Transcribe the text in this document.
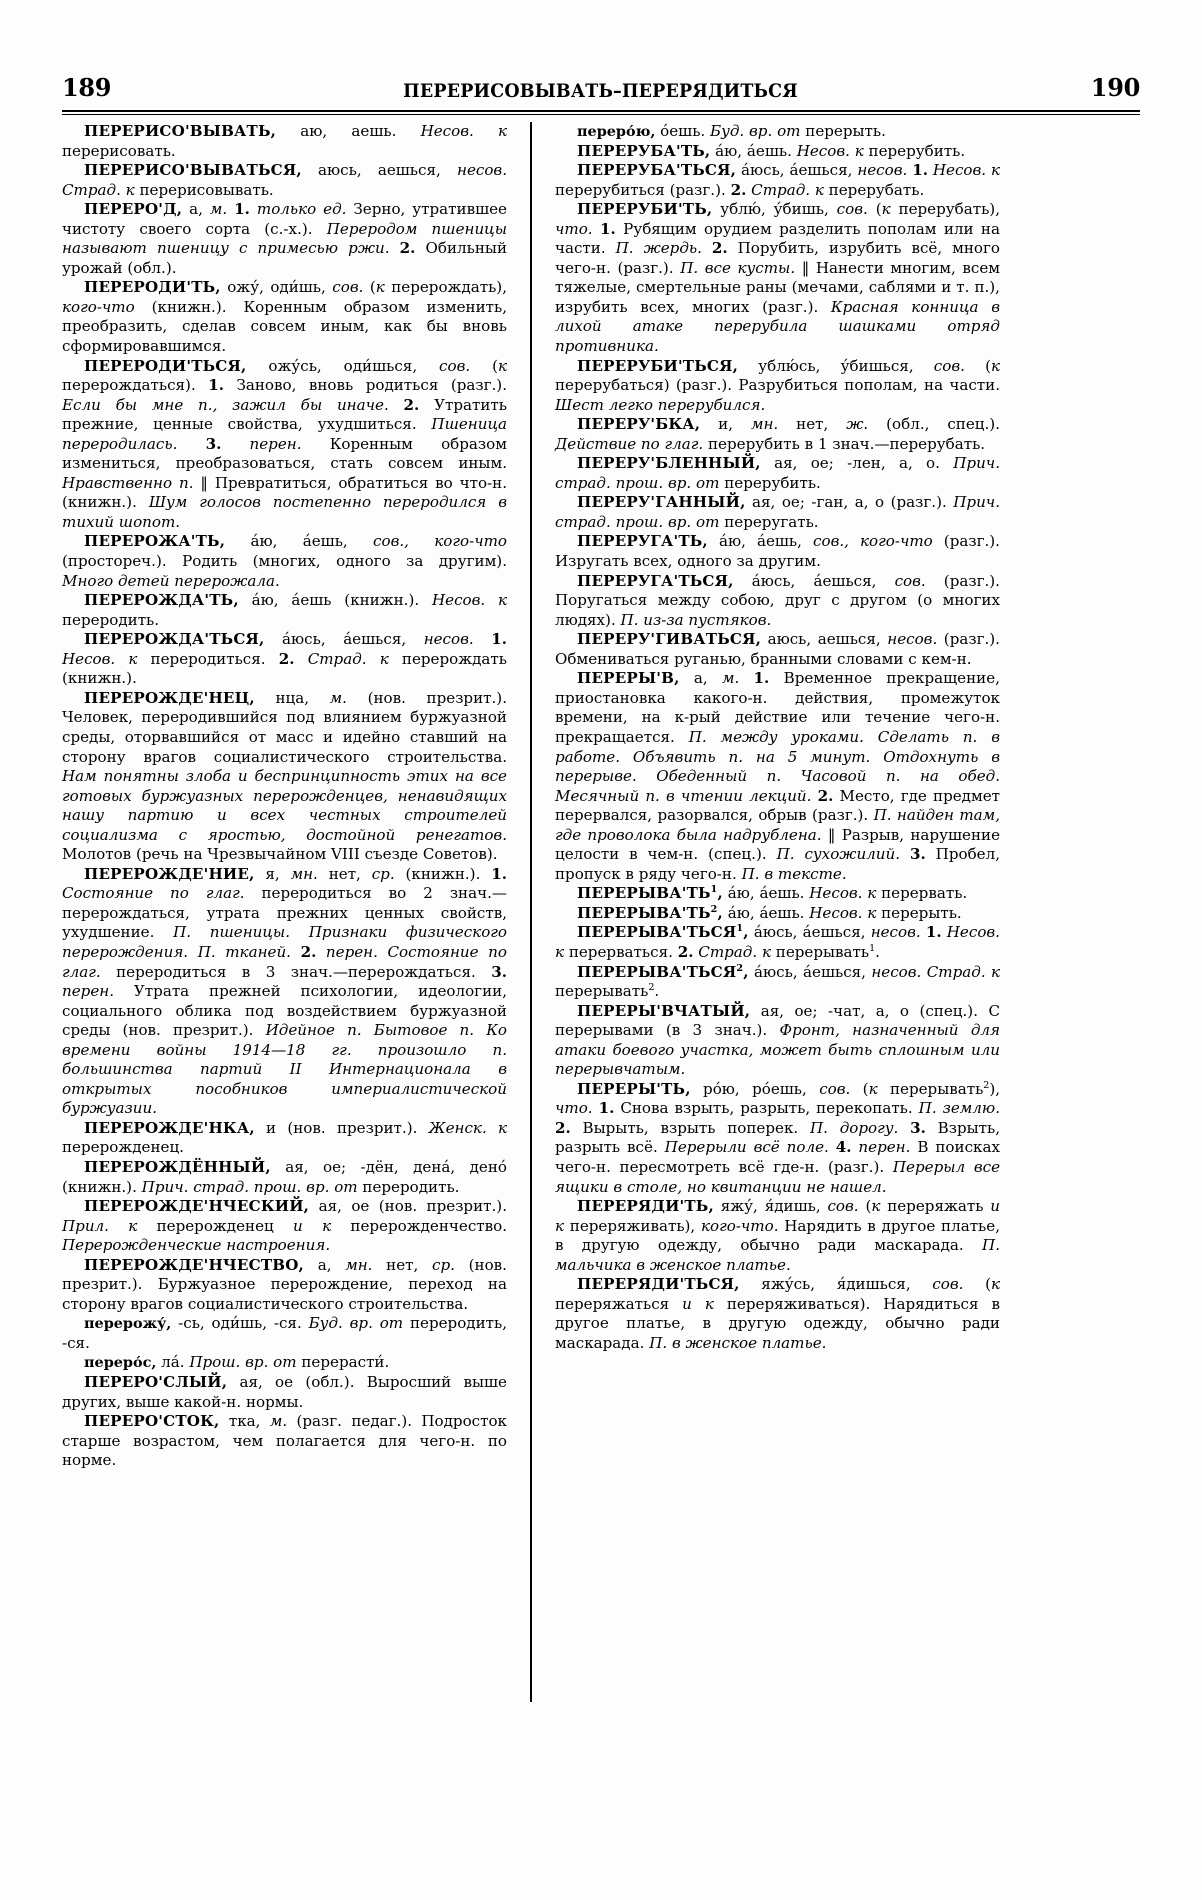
189	ПЕРЕРИСОВЫВАТЬ–ПЕРЕРЯДИТЬСЯ	190

ПЕРЕРИСО'ВЫВАТЬ, аю, аешь. Несов. к перерисовать.

ПЕРЕРИСО'ВЫВАТЬСЯ, аюсь, аешься, несов. Страд. к перерисовывать.

ПЕРЕРО'Д, а, м. 1. только ед. Зерно, утратившее чистоту своего сорта (с.-х.). Переродом пшеницы называют пшеницу с примесью ржи. 2. Обильный урожай (обл.).

ПЕРЕРОДИ'ТЬ, ожу́, оди́шь, сов. (к перерождать), кого-что (книжн.). Коренным образом изменить, преобразить, сделав совсем иным, как бы вновь сформировавшимся.

ПЕРЕРОДИ'ТЬСЯ, ожу́сь, оди́шься, сов. (к перерождаться). 1. Заново, вновь родиться (разг.). Если бы мне п., зажил бы иначе. 2. Утратить прежние, ценные свойства, ухудшиться. Пшеница переродилась. 3. перен. Коренным образом измениться, преобразоваться, стать совсем иным. Нравственно п. ‖ Превратиться, обратиться во что-н. (книжн.). Шум голосов постепенно переродился в тихий шопот.

ПЕРЕРОЖА'ТЬ, а́ю, а́ешь, сов., кого-что (простореч.). Родить (многих, одного за другим). Много детей перерожала.

ПЕРЕРОЖДА'ТЬ, а́ю, а́ешь (книжн.). Несов. к переродить.

ПЕРЕРОЖДА'ТЬСЯ, а́юсь, а́ешься, несов. 1. Несов. к переродиться. 2. Страд. к перерождать (книжн.).

ПЕРЕРОЖДЕ'НЕЦ, нца, м. (нов. презрит.). Человек, переродившийся под влиянием буржуазной среды, оторвавшийся от масс и идейно ставший на сторону врагов социалистического строительства. Нам понятны злоба и беспринципность этих на все готовых буржуазных перерожденцев, ненавидящих нашу партию и всех честных строителей социализма с яростью, достойной ренегатов. Молотов (речь на Чрезвычайном VIII съезде Советов).

ПЕРЕРОЖДЕ'НИЕ, я, мн. нет, ср. (книжн.). 1. Состояние по глаг. переродиться во 2 знач.—перерождаться, утрата прежних ценных свойств, ухудшение. П. пшеницы. Признаки физического перерождения. П. тканей. 2. перен. Состояние по глаг. переродиться в 3 знач.—перерождаться. 3. перен. Утрата прежней психологии, идеологии, социального облика под воздействием буржуазной среды (нов. презрит.). Идейное п. Бытовое п. Ко времени войны 1914—18 гг. произошло п. большинства партий II Интернационала в открытых пособников империалистической буржуазии.

ПЕРЕРОЖДЕ'НКА, и (нов. презрит.). Женск. к перерожденец.

ПЕРЕРОЖДЁННЫЙ, ая, ое; -дён, дена́, дено́ (книжн.). Прич. страд. прош. вр. от переродить.

ПЕРЕРОЖДЕ'НЧЕСКИЙ, ая, ое (нов. презрит.). Прил. к перерожденец и к перерожденчество. Перерожденческие настроения.

ПЕРЕРОЖДЕ'НЧЕСТВО, а, мн. нет, ср. (нов. презрит.). Буржуазное перерождение, переход на сторону врагов социалистического строительства.

перерожу́, -сь, оди́шь, -ся. Буд. вр. от переродить, -ся.

переро́с, ла́. Прош. вр. от перерасти́.

ПЕРЕРО'СЛЫЙ, ая, ое (обл.). Выросший выше других, выше какой-н. нормы.

ПЕРЕРО'СТОК, тка, м. (разг. педаг.). Подросток старше возрастом, чем полагается для чего-н. по норме.

переро́ю, о́ешь. Буд. вр. от перерыть.

ПЕРЕРУБА'ТЬ, а́ю, а́ешь. Несов. к перерубить.

ПЕРЕРУБА'ТЬСЯ, а́юсь, а́ешься, несов. 1. Несов. к перерубиться (разг.). 2. Страд. к перерубать.

ПЕРЕРУБИ'ТЬ, ублю́, у́бишь, сов. (к перерубать), что. 1. Рубящим орудием разделить пополам или на части. П. жердь. 2. Порубить, изрубить всё, много чего-н. (разг.). П. все кусты. ‖ Нанести многим, всем тяжелые, смертельные раны (мечами, саблями и т. п.), изрубить всех, многих (разг.). Красная конница в лихой атаке перерубила шашками отряд противника.

ПЕРЕРУБИ'ТЬСЯ, ублю́сь, у́бишься, сов. (к перерубаться) (разг.). Разрубиться пополам, на части. Шест легко перерубился.

ПЕРЕРУ'БКА, и, мн. нет, ж. (обл., спец.). Действие по глаг. перерубить в 1 знач.—перерубать.

ПЕРЕРУ'БЛЕННЫЙ, ая, ое; -лен, а, о. Прич. страд. прош. вр. от перерубить.

ПЕРЕРУ'ГАННЫЙ, ая, ое; -ган, а, о (разг.). Прич. страд. прош. вр. от переругать.

ПЕРЕРУГА'ТЬ, а́ю, а́ешь, сов., кого-что (разг.). Изругать всех, одного за другим.

ПЕРЕРУГА'ТЬСЯ, а́юсь, а́ешься, сов. (разг.). Поругаться между собою, друг с другом (о многих людях). П. из-за пустяков.

ПЕРЕРУ'ГИВАТЬСЯ, аюсь, аешься, несов. (разг.). Обмениваться руганью, бранными словами с кем-н.

ПЕРЕРЫ'В, а, м. 1. Временное прекращение, приостановка какого-н. действия, промежуток времени, на к-рый действие или течение чего-н. прекращается. П. между уроками. Сделать п. в работе. Объявить п. на 5 минут. Отдохнуть в перерыве. Обеденный п. Часовой п. на обед. Месячный п. в чтении лекций. 2. Место, где предмет перервался, разорвался, обрыв (разг.). П. найден там, где проволока была надрублена. ‖ Разрыв, нарушение целости в чем-н. (спец.). П. сухожилий. 3. Пробел, пропуск в ряду чего-н. П. в тексте.

$ПЕРЕРЫВА'ТЬ^1$, а́ю, а́ешь. Несов. к перервать.

$ПЕРЕРЫВА'ТЬ^2$, а́ю, а́ешь. Несов. к перерыть.

ПЕРЕРЫВА'ТЬСЯ$^1$, а́юсь, а́ешься, несов. 1. Несов. к перерваться. 2. Страд. к перерывать$^1$.

ПЕРЕРЫВА'ТЬСЯ$^2$, а́юсь, а́ешься, несов. Страд. к перерывать$^2$.

ПЕРЕРЫ'ВЧАТЫЙ, ая, ое; -чат, а, о (спец.). С перерывами (в 3 знач.). Фронт, назначенный для атаки боевого участка, может быть сплошным или перерывчатым.

ПЕРЕРЫ'ТЬ, ро́ю, ро́ешь, сов. (к перерывать$^2$), что. 1. Снова взрыть, разрыть, перекопать. П. землю. 2. Вырыть, взрыть поперек. П. дорогу. 3. Взрыть, разрыть всё. Перерыли всё поле. 4. перен. В поисках чего-н. пересмотреть всё где-н. (разг.). Перерыл все ящики в столе, но квитанции не нашел.

ПЕРЕРЯДИ'ТЬ, яжу́, я́дишь, сов. (к переряжать и к переряживать), кого-что. Нарядить в другое платье, в другую одежду, обычно ради маскарада. П. мальчика в женское платье.

ПЕРЕРЯДИ'ТЬСЯ, яжу́сь, я́дишься, сов. (к переряжаться и к переряживаться). Нарядиться в другое платье, в другую одежду, обычно ради маскарада. П. в женское платье.
